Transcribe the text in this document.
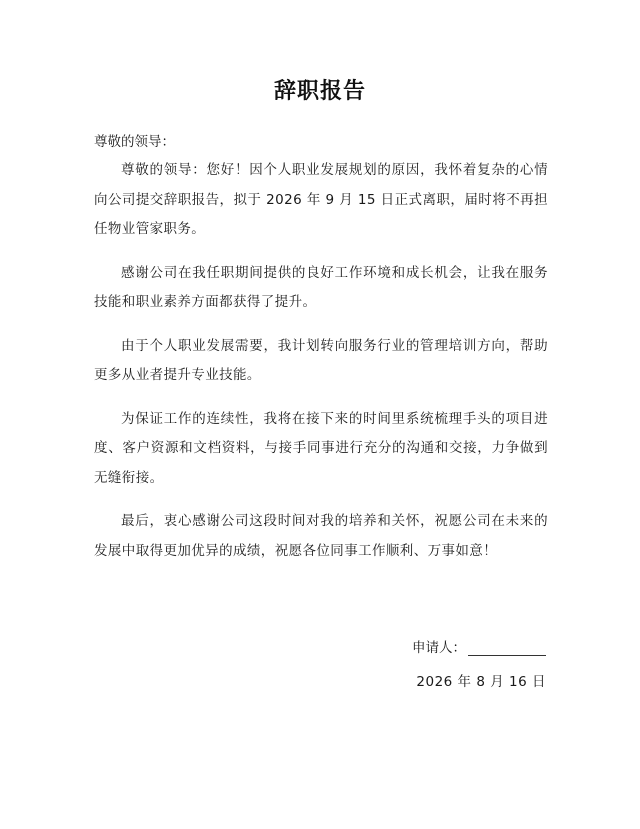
辞职报告
尊敬的领导：

尊敬的领导：您好！因个人职业发展规划的原因，我怀着复杂的心情向公司提交辞职报告，拟于 2026 年 9 月 15 日正式离职，届时将不再担任物业管家职务。

感谢公司在我任职期间提供的良好工作环境和成长机会，让我在服务技能和职业素养方面都获得了提升。

由于个人职业发展需要，我计划转向服务行业的管理培训方向，帮助更多从业者提升专业技能。

为保证工作的连续性，我将在接下来的时间里系统梳理手头的项目进度、客户资源和文档资料，与接手同事进行充分的沟通和交接，力争做到无缝衔接。

最后，衷心感谢公司这段时间对我的培养和关怀，祝愿公司在未来的发展中取得更加优异的成绩，祝愿各位同事工作顺利、万事如意！

申请人：
2026 年 8 月 16 日
